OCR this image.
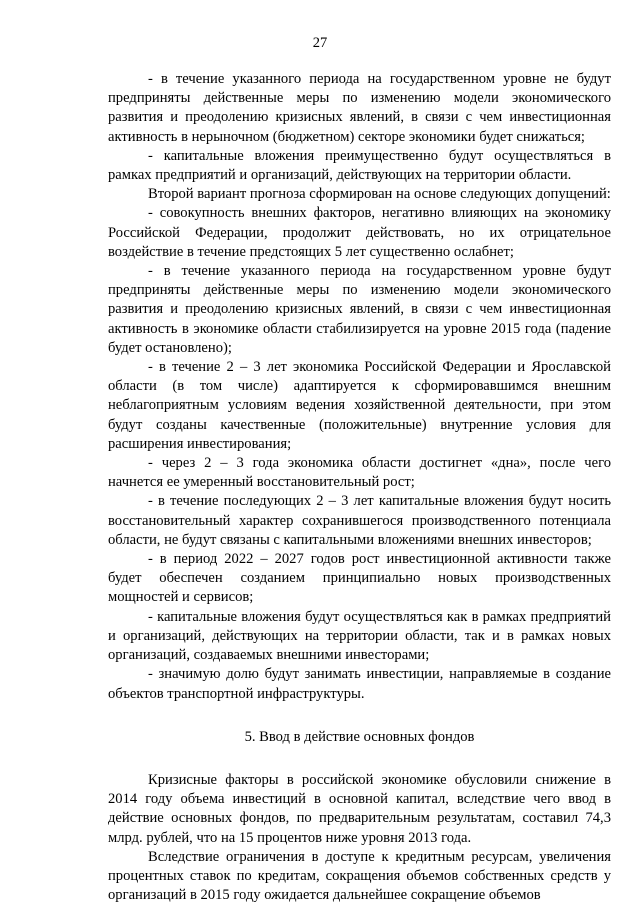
27

- в течение указанного периода на государственном уровне не будут предприняты действенные меры по изменению модели экономического развития и преодолению кризисных явлений, в связи с чем инвестиционная активность в нерыночном (бюджетном) секторе экономики будет снижаться;

- капитальные вложения преимущественно будут осуществляться в рамках предприятий и организаций, действующих на территории области.

Второй вариант прогноза сформирован на основе следующих допущений:

- совокупность внешних факторов, негативно влияющих на экономику Российской Федерации, продолжит действовать, но их отрицательное воздействие в течение предстоящих 5 лет существенно ослабнет;

- в течение указанного периода на государственном уровне будут предприняты действенные меры по изменению модели экономического развития и преодолению кризисных явлений, в связи с чем инвестиционная активность в экономике области стабилизируется на уровне 2015 года (падение будет остановлено);

- в течение 2 – 3 лет экономика Российской Федерации и Ярославской области (в том числе) адаптируется к сформировавшимся внешним неблагоприятным условиям ведения хозяйственной деятельности, при этом будут созданы качественные (положительные) внутренние условия для расширения инвестирования;

- через 2 – 3 года экономика области достигнет «дна», после чего начнется ее умеренный восстановительный рост;

- в течение последующих 2 – 3 лет капитальные вложения будут носить восстановительный характер сохранившегося производственного потенциала области, не будут связаны с капитальными вложениями внешних инвесторов;

- в период 2022 – 2027 годов рост инвестиционной активности также будет обеспечен созданием принципиально новых производственных мощностей и сервисов;

- капитальные вложения будут осуществляться как в рамках предприятий и организаций, действующих на территории области, так и в рамках новых организаций, создаваемых внешними инвесторами;

- значимую долю будут занимать инвестиции, направляемые в создание объектов транспортной инфраструктуры.

5. Ввод в действие основных фондов

Кризисные факторы в российской экономике обусловили снижение в 2014 году объема инвестиций в основной капитал, вследствие чего ввод в действие основных фондов, по предварительным результатам, составил 74,3 млрд. рублей, что на 15 процентов ниже уровня 2013 года.

Вследствие ограничения в доступе к кредитным ресурсам, увеличения процентных ставок по кредитам, сокращения объемов собственных средств у организаций в 2015 году ожидается дальнейшее сокращение объемов
